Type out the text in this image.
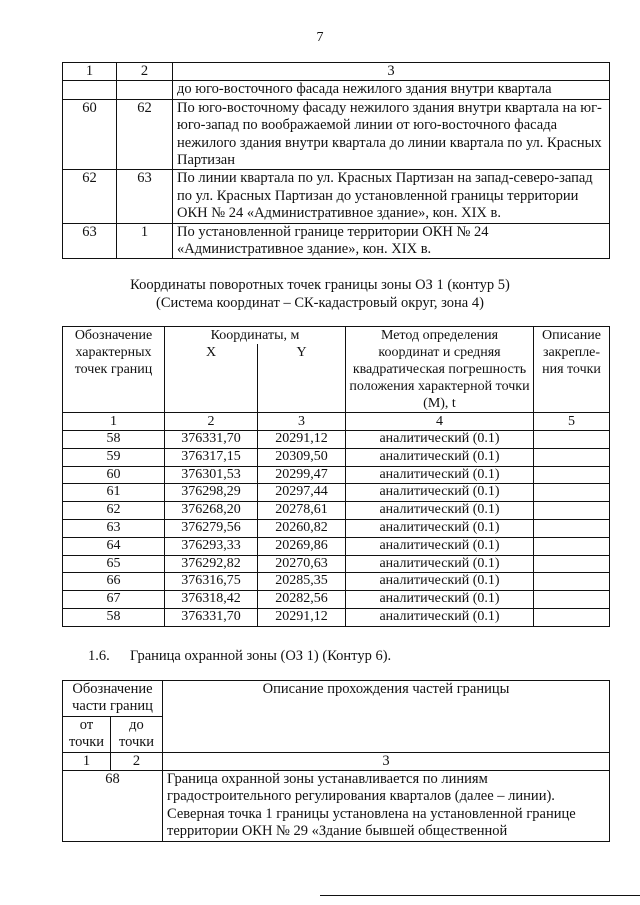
7
1	2	3
		до юго-восточного фасада нежилого здания внутри квартала
60	62	По юго-восточному фасаду нежилого здания внутри квартала на юг-юго-запад по воображаемой линии от юго-восточного фасада нежилого здания внутри квартала до линии квартала по ул. Красных Партизан
62	63	По линии квартала по ул. Красных Партизан на запад-северо-запад по ул. Красных Партизан до установленной границы территории ОКН № 24 «Административное здание», кон. XIX в.
63	1	По установленной границе территории ОКН № 24 «Административное здание», кон. XIX в.
Координаты поворотных точек границы зоны ОЗ 1 (контур 5)
(Система координат – СК-кадастровый округ, зона 4)
Обозначение характерных точек границ	Координаты, м		Метод определения координат и средняя квадратическая погрешность положения характерной точки (М), t	Описание закрепле-ния точки
	X	Y		
1	2	3	4	5
58	376331,70	20291,12	аналитический (0.1)	
59	376317,15	20309,50	аналитический (0.1)	
60	376301,53	20299,47	аналитический (0.1)	
61	376298,29	20297,44	аналитический (0.1)	
62	376268,20	20278,61	аналитический (0.1)	
63	376279,56	20260,82	аналитический (0.1)	
64	376293,33	20269,86	аналитический (0.1)	
65	376292,82	20270,63	аналитический (0.1)	
66	376316,75	20285,35	аналитический (0.1)	
67	376318,42	20282,56	аналитический (0.1)	
58	376331,70	20291,12	аналитический (0.1)	
1.6. Граница охранной зоны (ОЗ 1) (Контур 6).
Обозначение части границ		Описание прохождения частей границы
от точки	до точки	
1	2	3
68		Граница охранной зоны устанавливается по линиям градостроительного регулирования кварталов (далее – линии). Северная точка 1 границы установлена на установленной границе территории ОКН № 29 «Здание бывшей общественной
